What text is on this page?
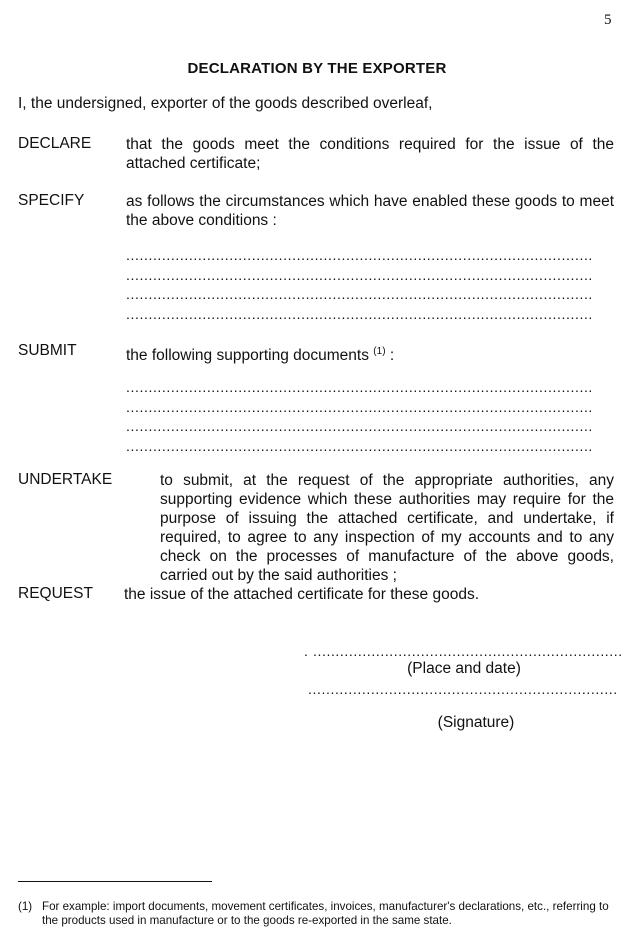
5
DECLARATION BY THE EXPORTER
I, the undersigned, exporter of the goods described overleaf,
DECLARE that the goods meet the conditions required for the issue of the attached certificate;
SPECIFY	as follows the circumstances which have enabled these goods to meet the above conditions :
........................................................................................................
........................................................................................................
........................................................................................................
........................................................................................................
SUBMIT	the following supporting documents $^{(1)}$ :
........................................................................................................
........................................................................................................
........................................................................................................
........................................................................................................
UNDERTAKE	to submit, at the request of the appropriate authorities, any supporting evidence which these authorities may require for the purpose of issuing the attached certificate, and undertake, if required, to agree to any inspection of my accounts and to any check on the processes of manufacture of the above goods, carried out by the said authorities ;
REQUEST the issue of the attached certificate for these goods.
. .....................................................................
(Place and date)
.....................................................................
(Signature)
(1) For example: import documents, movement certificates, invoices, manufacturer's declarations, etc., referring to the products used in manufacture or to the goods re-exported in the same state.
